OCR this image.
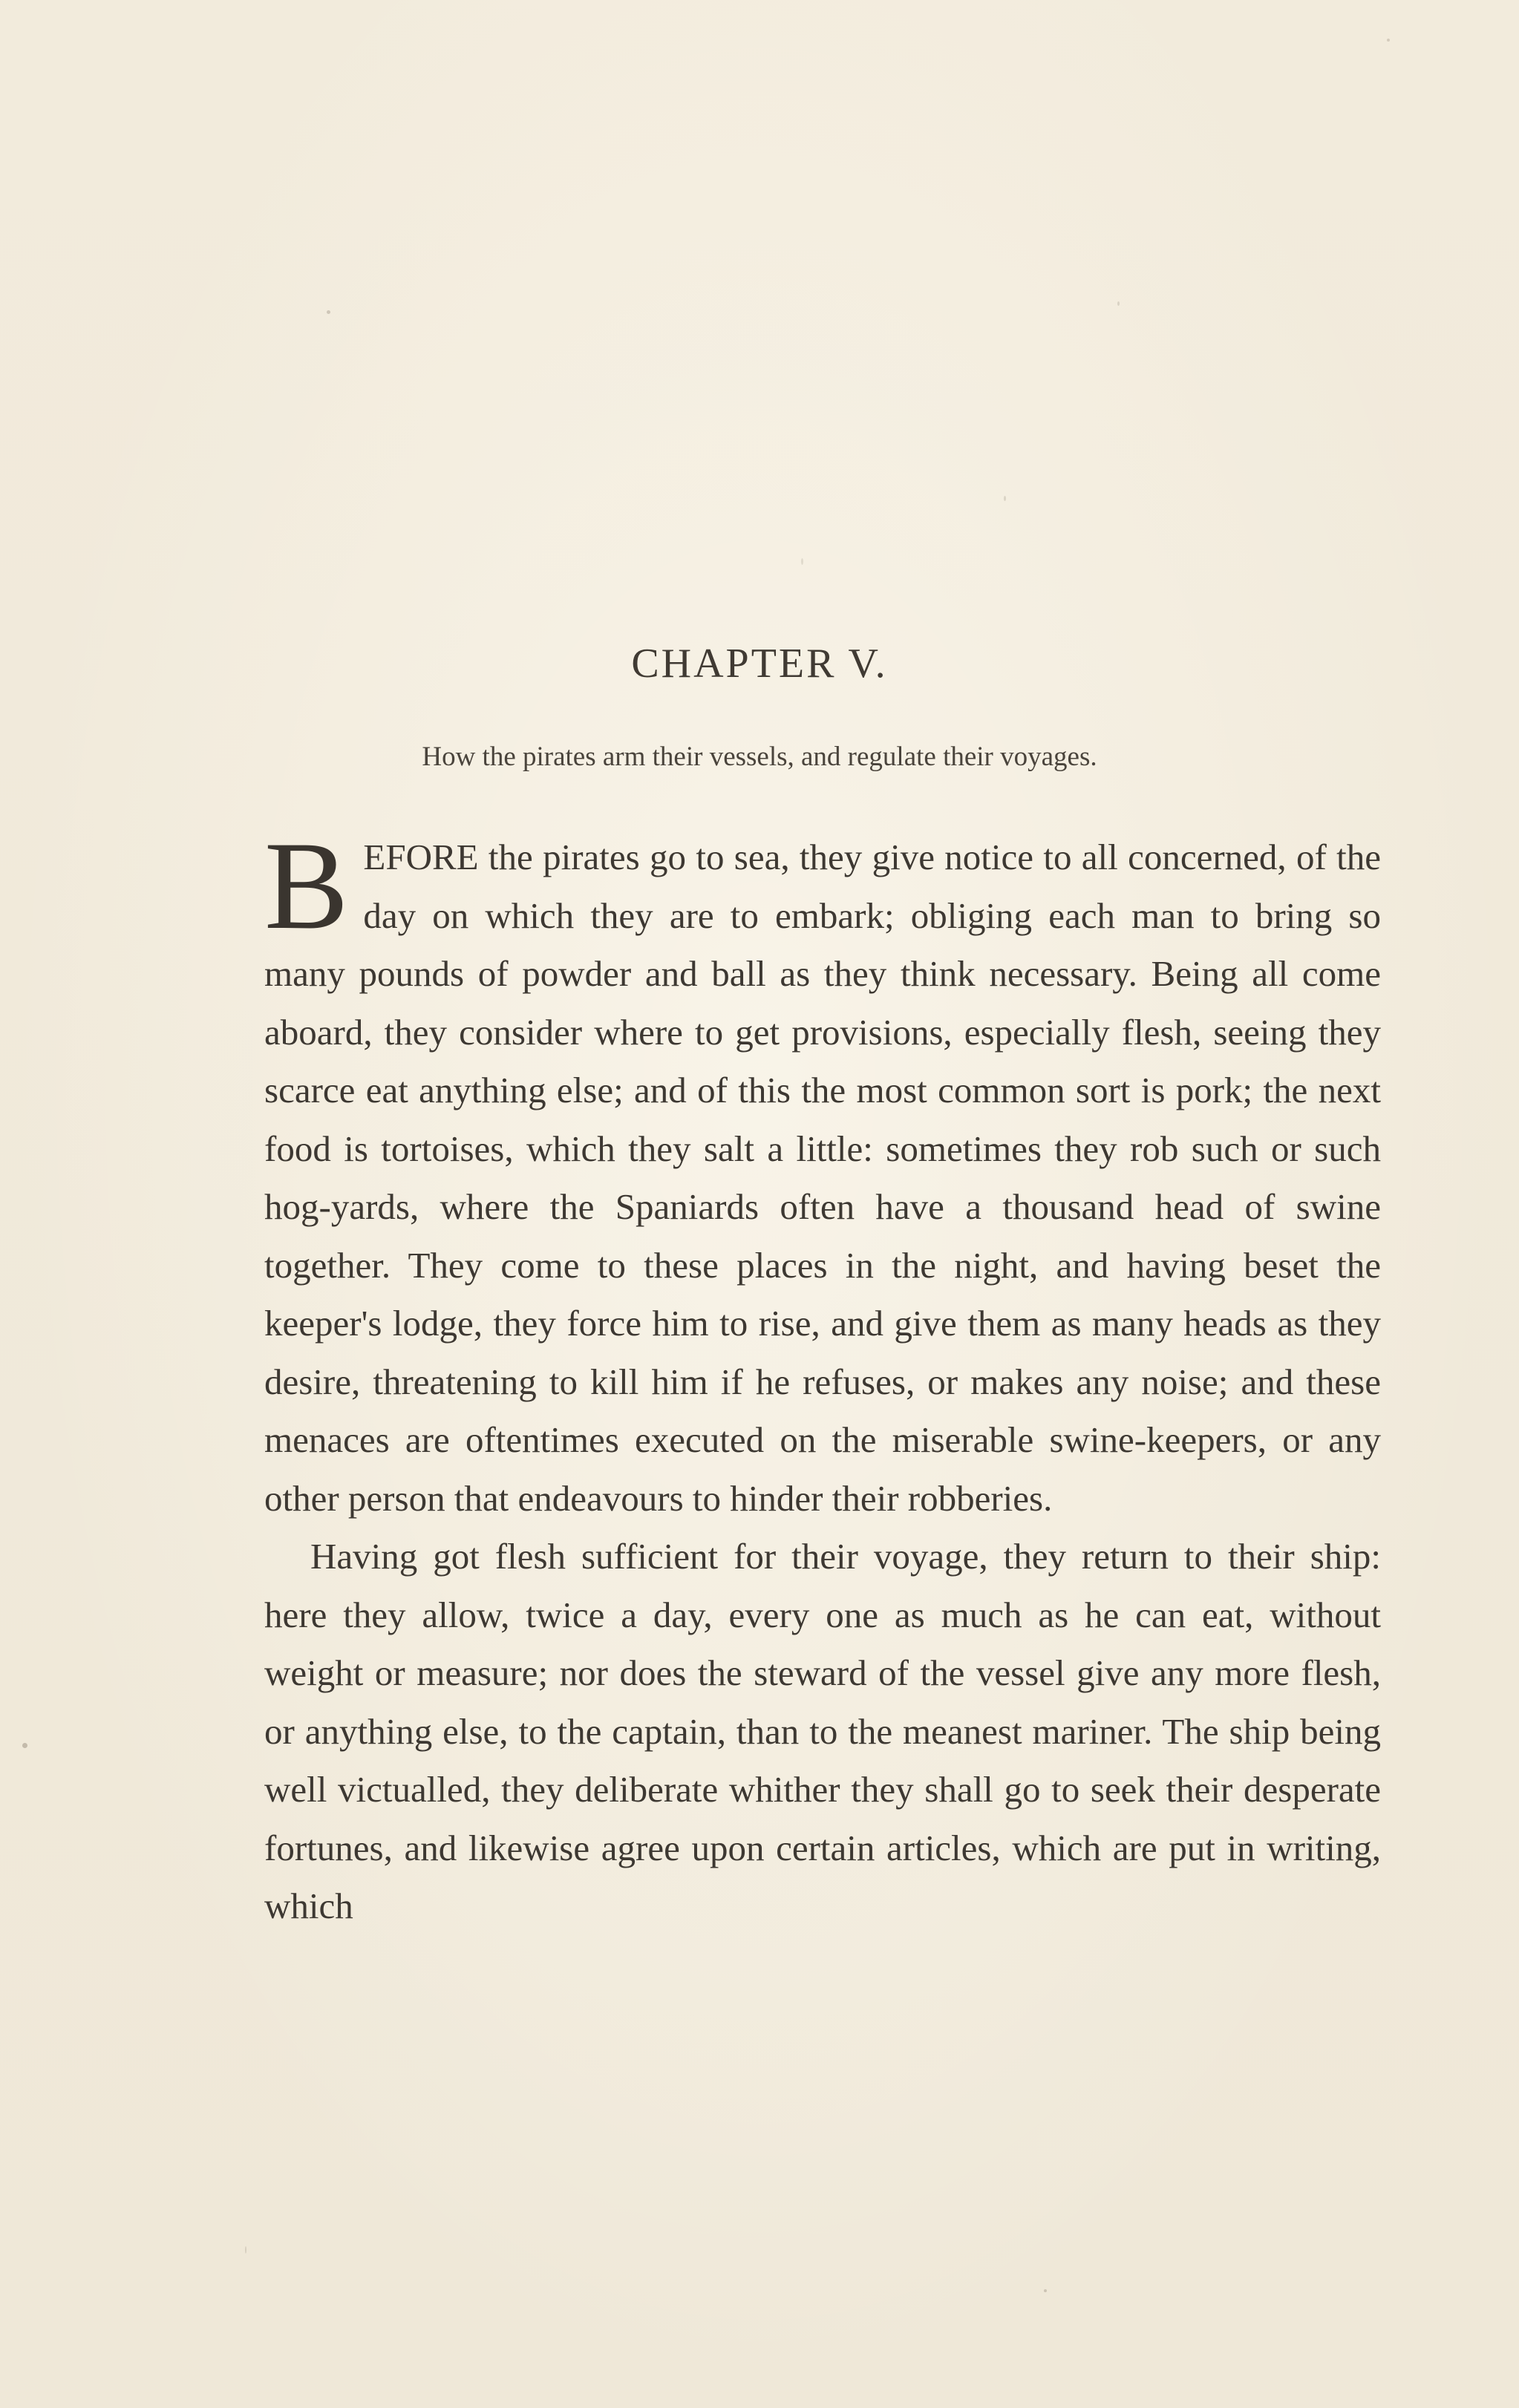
CHAPTER V.

How the pirates arm their vessels, and regulate their voyages.

BEFORE the pirates go to sea, they give notice to all concerned, of the day on which they are to embark; obliging each man to bring so many pounds of powder and ball as they think necessary. Being all come aboard, they consider where to get provisions, especially flesh, seeing they scarce eat anything else; and of this the most common sort is pork; the next food is tortoises, which they salt a little: sometimes they rob such or such hog-yards, where the Spaniards often have a thousand head of swine together. They come to these places in the night, and having beset the keeper's lodge, they force him to rise, and give them as many heads as they desire, threatening to kill him if he refuses, or makes any noise; and these menaces are oftentimes executed on the miserable swine-keepers, or any other person that endeavours to hinder their robberies.

Having got flesh sufficient for their voyage, they return to their ship: here they allow, twice a day, every one as much as he can eat, without weight or measure; nor does the steward of the vessel give any more flesh, or anything else, to the captain, than to the meanest mariner. The ship being well victualled, they deliberate whither they shall go to seek their desperate fortunes, and likewise agree upon certain articles, which are put in writing, which
